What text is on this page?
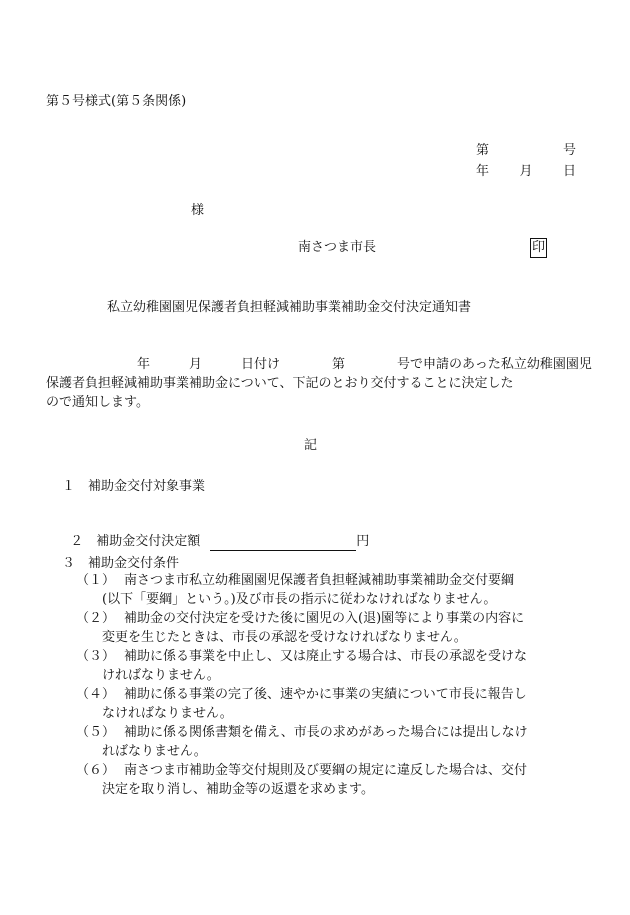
第５号様式(第５条関係)
第	号
年 月 日
様
南さつま市長	印
私立幼稚園園児保護者負担軽減補助事業補助金交付決定通知書
　　　　　　　年　　　月　　　日付け　　　　第　　　　号で申請のあった私立幼稚園園児
保護者負担軽減補助事業補助金について、下記のとおり交付することに決定した
ので通知します。
記
１　補助金交付対象事業

２　補助金交付決定額	円

３　補助金交付条件
（１） 南さつま市私立幼稚園園児保護者負担軽減補助事業補助金交付要綱
(以下「要綱」という。)及び市長の指示に従わなければなりません。
（２） 補助金の交付決定を受けた後に園児の入(退)園等により事業の内容に
変更を生じたときは、市長の承認を受けなければなりません。
（３） 補助に係る事業を中止し、又は廃止する場合は、市長の承認を受けな
ければなりません。
（４） 補助に係る事業の完了後、速やかに事業の実績について市長に報告し
なければなりません。
（５） 補助に係る関係書類を備え、市長の求めがあった場合には提出しなけ
ればなりません。
（６） 南さつま市補助金等交付規則及び要綱の規定に違反した場合は、交付
決定を取り消し、補助金等の返還を求めます。
